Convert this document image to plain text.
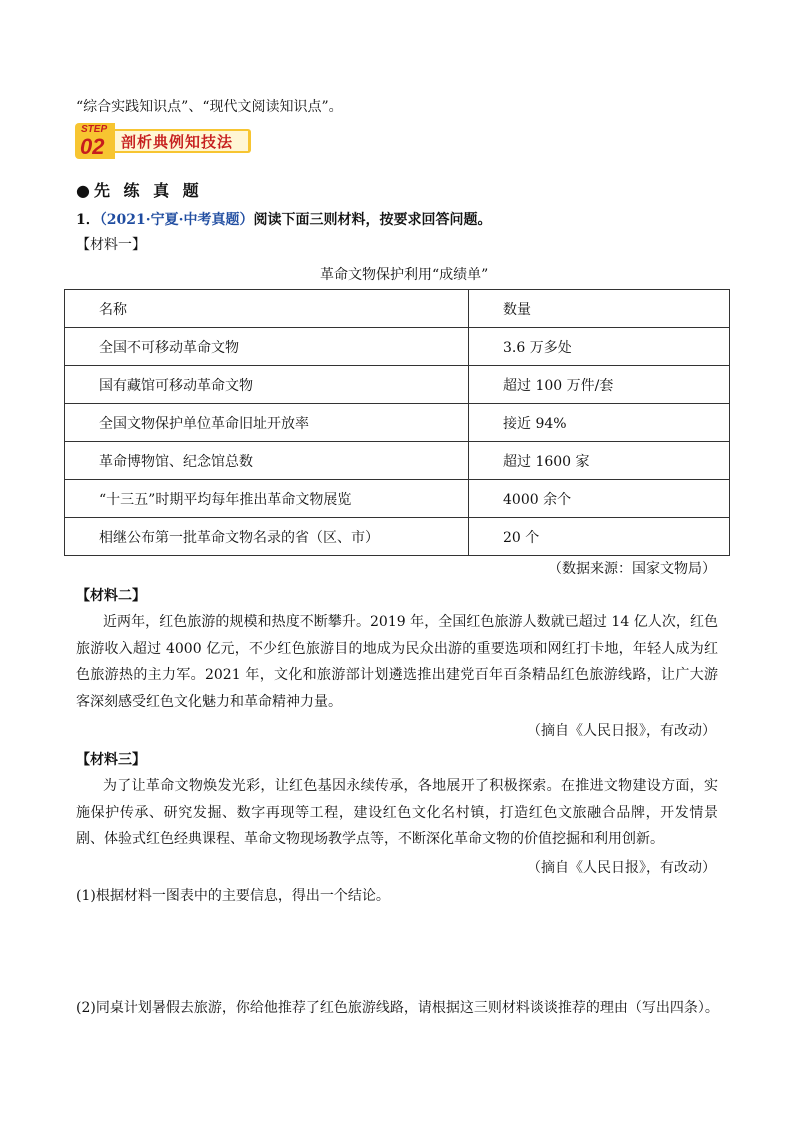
“综合实践知识点”、“现代文阅读知识点”。
剖析典例知技法
STEP
02
●先 练 真 题
1．（2021·宁夏·中考真题）阅读下面三则材料，按要求回答问题。
【材料一】
革命文物保护利用“成绩单”
名称	数量
全国不可移动革命文物	3.6 万多处
国有藏馆可移动革命文物	超过 100 万件/套
全国文物保护单位革命旧址开放率	接近 94%
革命博物馆、纪念馆总数	超过 1600 家
“十三五”时期平均每年推出革命文物展览	4000 余个
相继公布第一批革命文物名录的省（区、市）	20 个
（数据来源：国家文物局）
【材料二】
近两年，红色旅游的规模和热度不断攀升。2019 年，全国红色旅游人数就已超过 14 亿人次，红色旅游收入超过 4000 亿元，不少红色旅游目的地成为民众出游的重要选项和网红打卡地，年轻人成为红色旅游热的主力军。2021 年，文化和旅游部计划遴选推出建党百年百条精品红色旅游线路，让广大游客深刻感受红色文化魅力和革命精神力量。
（摘自《人民日报》，有改动）
【材料三】
为了让革命文物焕发光彩，让红色基因永续传承，各地展开了积极探索。在推进文物建设方面，实施保护传承、研究发掘、数字再现等工程，建设红色文化名村镇，打造红色文旅融合品牌，开发情景剧、体验式红色经典课程、革命文物现场教学点等，不断深化革命文物的价值挖掘和利用创新。
（摘自《人民日报》，有改动）
(1)根据材料一图表中的主要信息，得出一个结论。
(2)同桌计划暑假去旅游，你给他推荐了红色旅游线路，请根据这三则材料谈谈推荐的理由（写出四条）。
